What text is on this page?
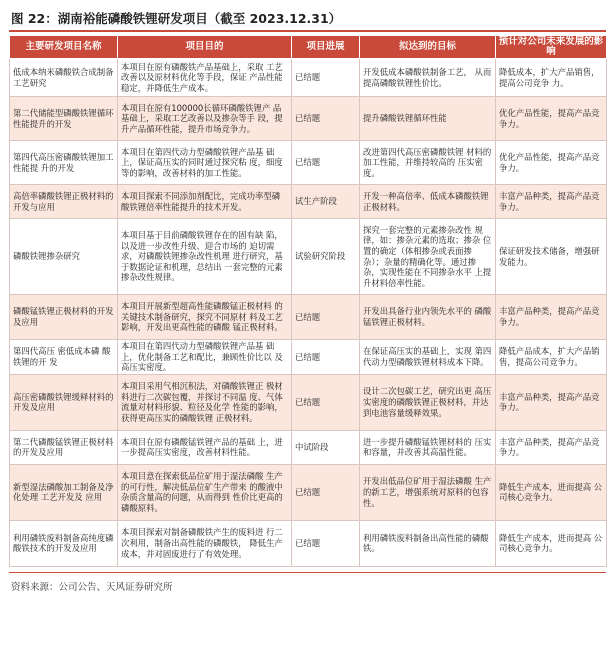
图 22：湖南裕能磷酸铁锂研发项目（截至 2023.12.31）
主要研发项目名称	项目目的	项目进展	拟达到的目标	预计对公司未来发展的影响
低成本纳米磷酸铁合成制备工艺研究	本项目在原有磷酸铁产品基础上，采取 工艺改善以及原材料优化等手段，保证 产品性能稳定，并降低生产成本。	已结题	开发低成本磷酸铁制备工艺， 从而提高磷酸铁锂性价比。	降低成本，扩大产品销售， 提高公司竞争 力。
第二代储能型磷酸铁锂循环性能提升的开发	本项目在原有100000长循环磷酸铁锂产 品基础上，采取工艺改善以及掺杂等手 段，提升产品循环性能，提升市场竞争力。	已结题	提升磷酸铁锂循环性能	优化产品性能，提高产品竞争力。
第四代高压密磷酸铁锂加工性能提 升的开发	本项目在第四代动力型磷酸铁锂产品基 础上，保证高压实的同时通过探究粘 度，细度等的影响，改善材料的加工性能。	已结题	改进第四代高压密磷酸铁锂 材料的加工性能，并维持较高的 压实密度。	优化产品性能，提高产品竞争力。
高倍率磷酸铁锂正极材料的开发与应用	本项目探索不同添加剂配比，完成功率型磷酸铁锂倍率性能提升的技术开发。	试生产阶段	开发一种高倍率、低成本磷酸铁锂正极材料。	丰富产品种类，提高产品竞争力。
磷酸铁锂掺杂研究	本项目基于目前磷酸铁锂存在的固有缺 陷，以及进一步改性升级、迎合市场的 迫切需求，对磷酸铁锂掺杂改性机理 进行研究，基于数据论证和机理，总结出 一套完整的元素掺杂改性规律。	试验研究阶段	探究一套完整的元素掺杂改性 规律，如：掺杂元素的选取；掺杂 位置的确定（体相掺杂或表面掺 杂）；杂量的精确化等。通过掺 杂，实现性能在不同掺杂水平 上提升材料倍率性能。	保证研发技术储备，增强研发能力。
磷酸锰铁锂正极材料的开发及应用	本项目开展新型超高性能磷酸锰正极材料 的关键技术制备研究，探究不同原材 料及工艺影响，开发出更高性能的磷酸 锰正极材料。	已结题	开发出具备行业内领先水平的 磷酸锰铁锂正极材料。	丰富产品种类，提高产品竞争力。
第四代高压 密低成本磷 酸铁锂的开 发	本项目在第四代动力型磷酸铁锂产品基 础上，优化制备工艺和配比，兼顾性价比以 及高压实密度。	已结题	在保证高压实的基础上，实现 第四代动力型磷酸铁锂材料成本下降。	降低产品成本，扩大产品销售，提高公司竞争力。
高压密磷酸铁锂缓释材料的开发及应用	本项目采用气相沉积法，对磷酸铁锂正 极材料进行二次碳包覆，并探讨不同温 度、气体流量对材料形貌、粒径及化学 性能的影响，获得更高压实的磷酸铁锂 正极材料。	已结题	设计二次包碳工艺，研究出更 高压实密度的磷酸铁锂正极材料，并达到电池容量缓释效果。	丰富产品种类，提高产品竞争力。
第二代磷酸锰铁锂正极材料的开发及应用	本项目在原有磷酸锰铁锂产品的基础 上，进一步提高压实密度，改善材料性能。	中试阶段	进一步提升磷酸锰铁锂材料的 压实和容量，并改善其高温性能。	丰富产品种类，提高产品竞争力。
新型湿法磷酸加工制备及净化处理 工艺开发及 应用	本项目意在探索低品位矿用于湿法磷酸 生产的可行性，解决低品位矿生产带来 的酸液中杂质含量高的问题，从而得到 性价比更高的磷酸原料。	已结题	开发出低品位矿用于湿法磷酸 生产的新工艺，增强系统对原料的包容性。	降低生产成本，进而提高 公司核心竞争力。
利用磷铁废料制备高纯度磷酸铁技术的开发及应用	本项目探索对制备磷酸铁产生的废料进 行二次利用，制备出高性能的磷酸铁， 降低生产成本，并对固废进行了有效处理。	已结题	利用磷铁废料制备出高性能的磷酸铁。	降低生产成本，进而提高 公司核心竞争力。
资料来源：公司公告、天风证券研究所
